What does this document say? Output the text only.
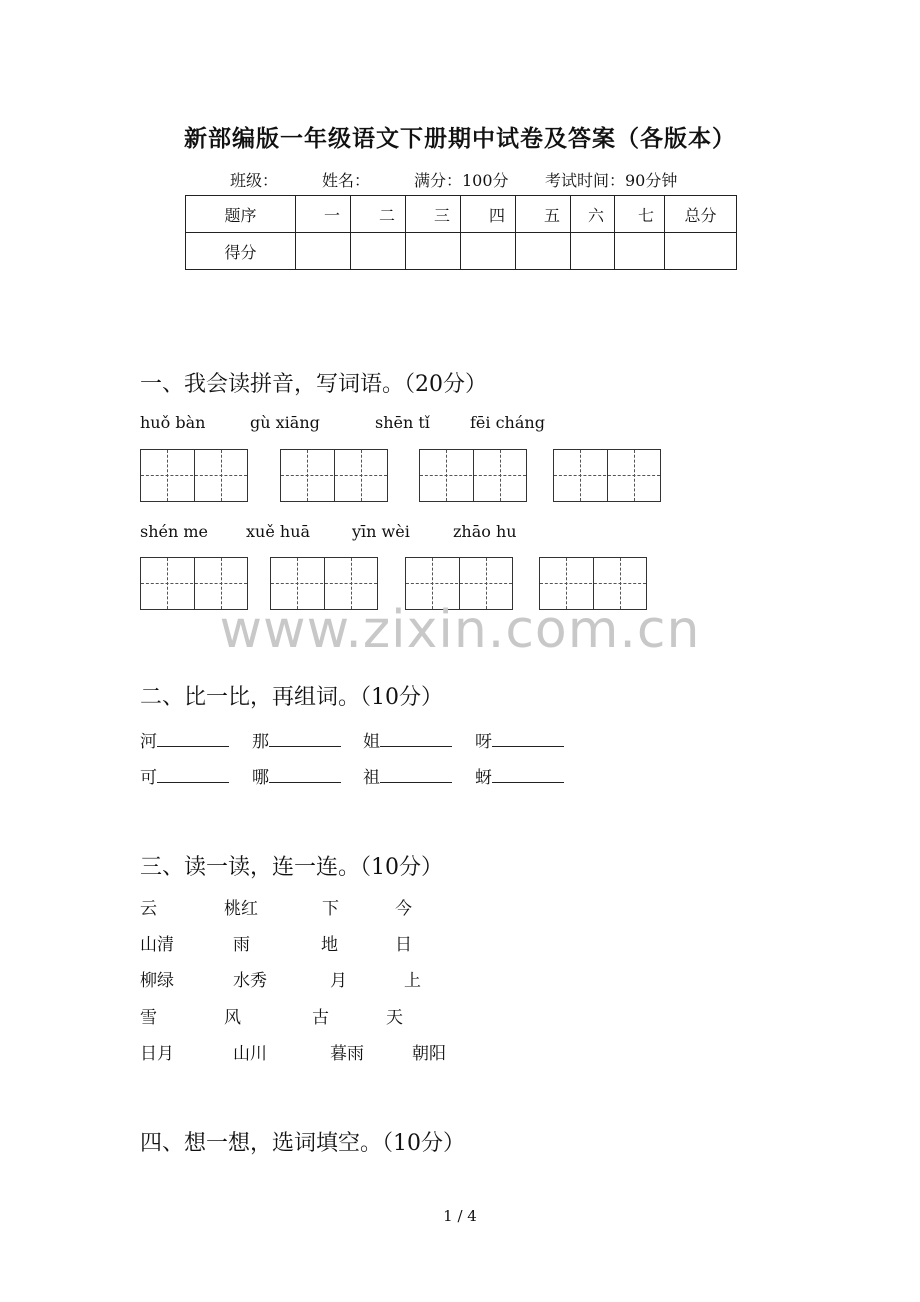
新部编版一年级语文下册期中试卷及答案（各版本）
班级：	姓名：	满分：100分 考试时间：90分钟
题序	一	二	三	四	五	六	七	总分
得分								
一、我会读拼音，写词语。（20分）
huǒ bàn	gù xiāng	shēn tǐ	fēi cháng
shén me xuě huā	yīn wèi	zhāo hu
www.zixin.com.cn
二、比一比，再组词。（10分）
河	那	姐	呀
可	哪	祖	蚜
三、读一读，连一连。（10分）
云	桃红	下	今
山清	雨	地	日
柳绿	水秀	月	上
雪	风	古	天
日月	山川	暮雨	朝阳
四、想一想，选词填空。（10分）
1 / 4
